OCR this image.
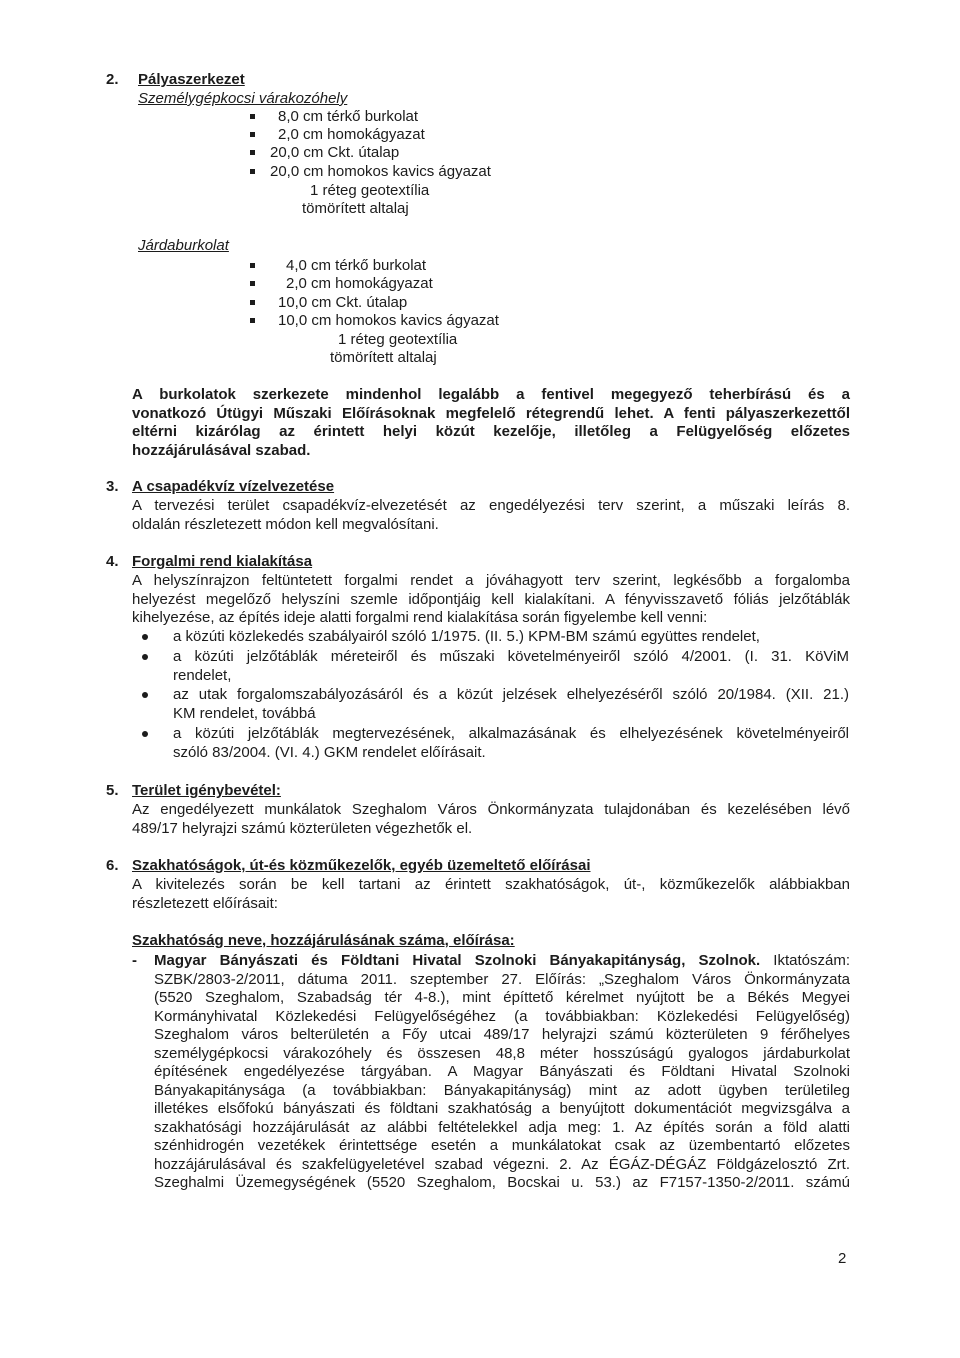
2. Pályaszerkezet
Személygépkocsi várakozóhely
8,0 cm térkő burkolat
2,0 cm homokágyazat
20,0 cm Ckt. útalap
20,0 cm homokos kavics ágyazat
1 réteg geotextília
tömörített altalaj
Járdaburkolat
4,0 cm térkő burkolat
2,0 cm homokágyazat
10,0 cm Ckt. útalap
10,0 cm homokos kavics ágyazat
1 réteg geotextília
tömörített altalaj
A burkolatok szerkezete mindenhol legalább a fentivel megegyező teherbírású és a
vonatkozó Útügyi Műszaki Előírásoknak megfelelő rétegrendű lehet. A fenti pályaszerkezettől
eltérni kizárólag az érintett helyi közút kezelője, illetőleg a Felügyelőség előzetes
hozzájárulásával szabad.
3. A csapadékvíz vízelvezetése
A tervezési terület csapadékvíz-elvezetését az engedélyezési terv szerint, a műszaki leírás 8.
oldalán részletezett módon kell megvalósítani.
4. Forgalmi rend kialakítása
A helyszínrajzon feltüntetett forgalmi rendet a jóváhagyott terv szerint, legkésőbb a forgalomba
helyezést megelőző helyszíni szemle időpontjáig kell kialakítani. A fényvisszavető fóliás jelzőtáblák
kihelyezése, az építés ideje alatti forgalmi rend kialakítása során figyelembe kell venni:
a közúti közlekedés szabályairól szóló 1/1975. (II. 5.) KPM-BM számú együttes rendelet,
a közúti jelzőtáblák méreteiről és műszaki követelményeiről szóló 4/2001. (I. 31. KöViM
rendelet,
az utak forgalomszabályozásáról és a közút jelzések elhelyezéséről szóló 20/1984. (XII. 21.)
KM rendelet, továbbá
a közúti jelzőtáblák megtervezésének, alkalmazásának és elhelyezésének követelményeiről
szóló 83/2004. (VI. 4.) GKM rendelet előírásait.
5. Terület igénybevétel:
Az engedélyezett munkálatok Szeghalom Város Önkormányzata tulajdonában és kezelésében lévő
489/17 helyrajzi számú közterületen végezhetők el.
6. Szakhatóságok, út-és közműkezelők, egyéb üzemeltető előírásai
A kivitelezés során be kell tartani az érintett szakhatóságok, út-, közműkezelők alábbiakban
részletezett előírásait:
Szakhatóság neve, hozzájárulásának száma, előírása:
- Magyar Bányászati és Földtani Hivatal Szolnoki Bányakapitányság, Szolnok. Iktatószám:
SZBK/2803-2/2011, dátuma 2011. szeptember 27. Előírás: „Szeghalom Város Önkormányzata
(5520 Szeghalom, Szabadság tér 4-8.), mint építtető kérelmet nyújtott be a Békés Megyei
Kormányhivatal Közlekedési Felügyelőségéhez (a továbbiakban: Közlekedési Felügyelőség)
Szeghalom város belterületén a Főy utcai 489/17 helyrajzi számú közterületen 9 férőhelyes
személygépkocsi várakozóhely és összesen 48,8 méter hosszúságú gyalogos járdaburkolat
építésének engedélyezése tárgyában. A Magyar Bányászati és Földtani Hivatal Szolnoki
Bányakapitánysága (a továbbiakban: Bányakapitányság) mint az adott ügyben területileg
illetékes elsőfokú bányászati és földtani szakhatóság a benyújtott dokumentációt megvizsgálva a
szakhatósági hozzájárulását az alábbi feltételekkel adja meg: 1. Az építés során a föld alatti
szénhidrogén vezetékek érintettsége esetén a munkálatokat csak az üzembentartó előzetes
hozzájárulásával és szakfelügyeletével szabad végezni. 2. Az ÉGÁZ-DÉGÁZ Földgázelosztó Zrt.
Szeghalmi Üzemegységének (5520 Szeghalom, Bocskai u. 53.) az F7157-1350-2/2011. számú
2
